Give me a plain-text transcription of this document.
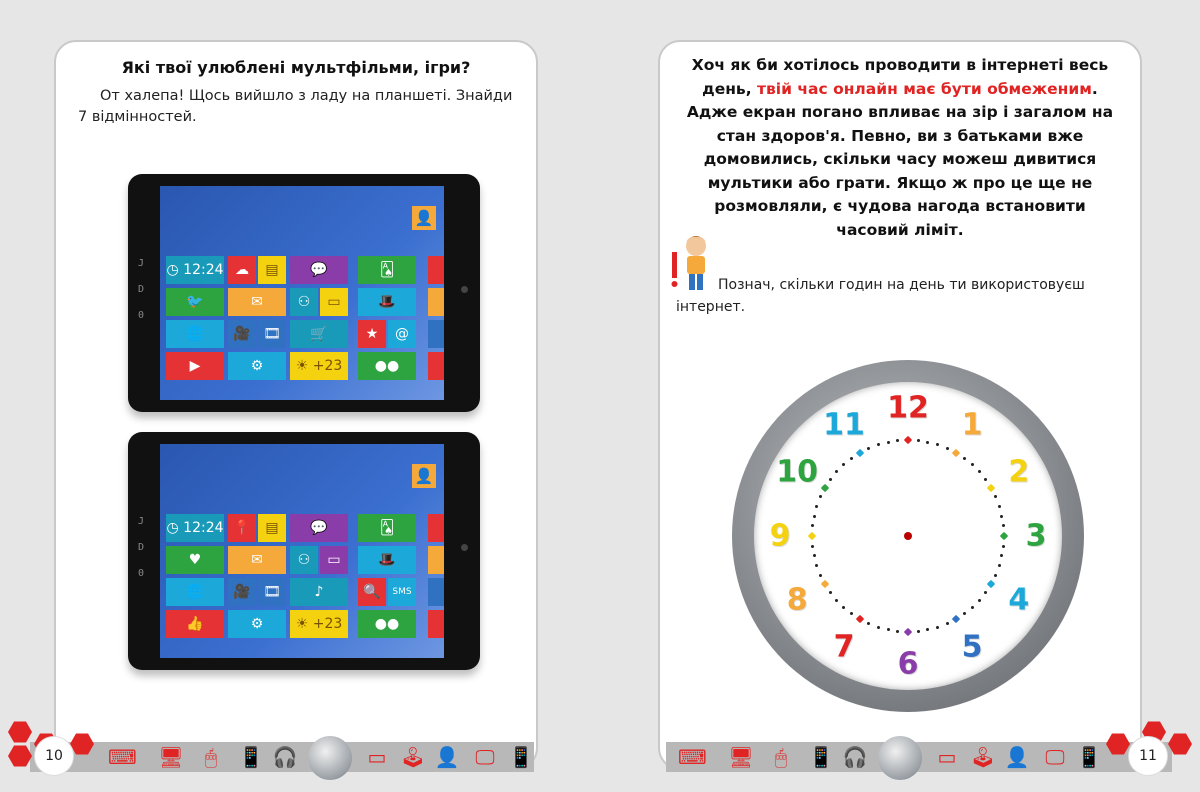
Які твої улюблені мультфільми, ігри?
От халепа! Щось вийшло з ладу на планшеті. Знайди 7 відмінностей.
J
D
0
👤
◷
12:24 ☁	▤	💬	🂡
🐦	✉	⚇	▭	🎩
🌐	🎥 🎞	🛒	★	@
▶	⚙	☀
+23	●●
J
D
0
👤
◷
12:24 📍	▤	💬	🂡
♥	✉	⚇	▭	🎩
🌐	🎥 🎞	♪	🔍	SMS
👍	⚙	☀
+23	●●
Хоч як би хотілось проводити в інтернеті весь день, твій час онлайн має бути обмеженим. Адже екран погано впливає на зір і загалом на стан здоров'я. Певно, ви з батьками вже домовились, скільки часу можеш дивитися мультики або грати. Якщо ж про це ще не розмовляли, є чудова нагода встановити часовий ліміт.
Познач, скільки годин на день ти використовуєш інтернет.
12 1
2
3
4
5
6
7
8
9
10
11
10	11
⌨ 🖥	🖱	📱 🎧	▭ 🕹 👤 🖵 📱	⌨ 🖥	🖱	📱 🎧	▭ 🕹 👤 🖵 📱
